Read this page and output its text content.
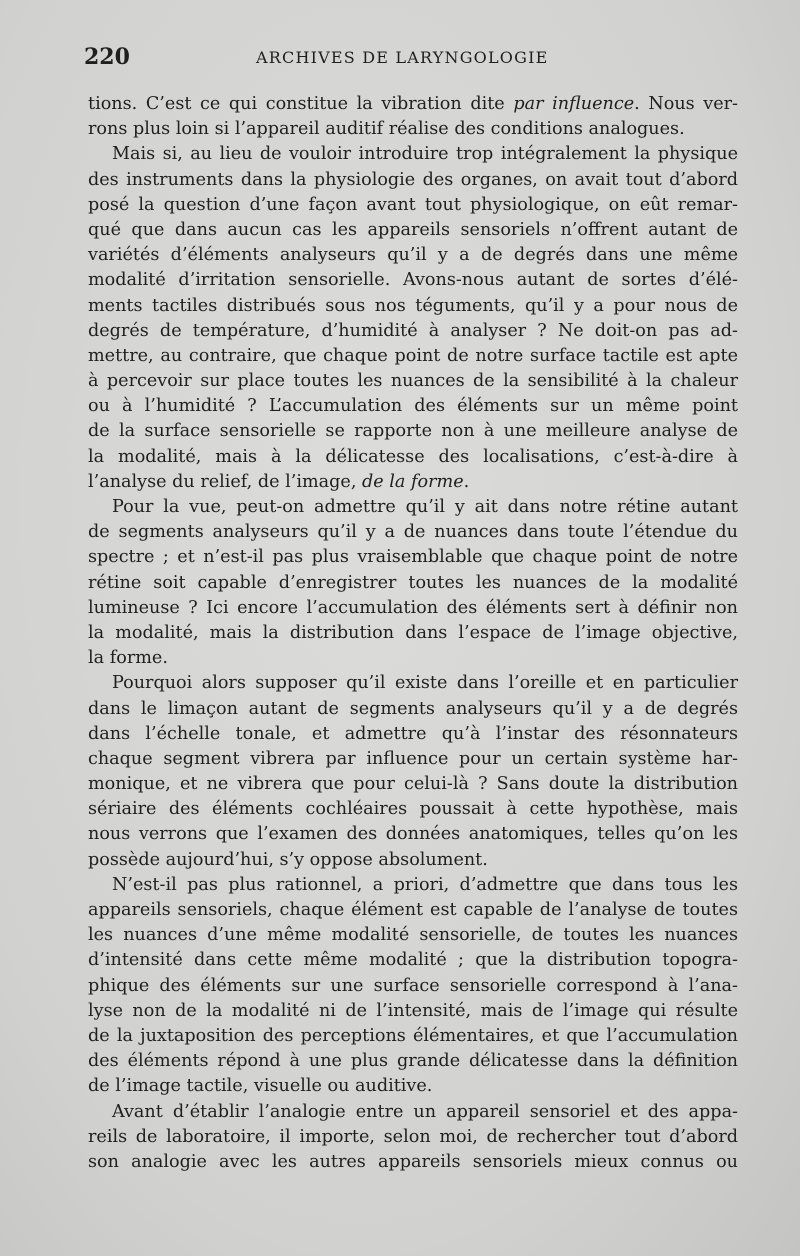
220	ARCHIVES DE LARYNGOLOGIE
tions. C’est ce qui constitue la vibration dite par influence. Nous ver-
rons plus loin si l’appareil auditif réalise des conditions analogues.
Mais si, au lieu de vouloir introduire trop intégralement la physique
des instruments dans la physiologie des organes, on avait tout d’abord
posé la question d’une façon avant tout physiologique, on eût remar-
qué que dans aucun cas les appareils sensoriels n’offrent autant de
variétés d’éléments analyseurs qu’il y a de degrés dans une même
modalité d’irritation sensorielle. Avons-nous autant de sortes d’élé-
ments tactiles distribués sous nos téguments, qu’il y a pour nous de
degrés de température, d’humidité à analyser ? Ne doit-on pas ad-
mettre, au contraire, que chaque point de notre surface tactile est apte
à percevoir sur place toutes les nuances de la sensibilité à la chaleur
ou à l’humidité ? L’accumulation des éléments sur un même point
de la surface sensorielle se rapporte non à une meilleure analyse de
la modalité, mais à la délicatesse des localisations, c’est-à-dire à
l’analyse du relief, de l’image, de la forme.
Pour la vue, peut-on admettre qu’il y ait dans notre rétine autant
de segments analyseurs qu’il y a de nuances dans toute l’étendue du
spectre ; et n’est-il pas plus vraisemblable que chaque point de notre
rétine soit capable d’enregistrer toutes les nuances de la modalité
lumineuse ? Ici encore l’accumulation des éléments sert à définir non
la modalité, mais la distribution dans l’espace de l’image objective,
la forme.
Pourquoi alors supposer qu’il existe dans l’oreille et en particulier
dans le limaçon autant de segments analyseurs qu’il y a de degrés
dans l’échelle tonale, et admettre qu’à l’instar des résonnateurs
chaque segment vibrera par influence pour un certain système har-
monique, et ne vibrera que pour celui-là ? Sans doute la distribution
sériaire des éléments cochléaires poussait à cette hypothèse, mais
nous verrons que l’examen des données anatomiques, telles qu’on les
possède aujourd’hui, s’y oppose absolument.
N’est-il pas plus rationnel, a priori, d’admettre que dans tous les
appareils sensoriels, chaque élément est capable de l’analyse de toutes
les nuances d’une même modalité sensorielle, de toutes les nuances
d’intensité dans cette même modalité ; que la distribution topogra-
phique des éléments sur une surface sensorielle correspond à l’ana-
lyse non de la modalité ni de l’intensité, mais de l’image qui résulte
de la juxtaposition des perceptions élémentaires, et que l’accumulation
des éléments répond à une plus grande délicatesse dans la définition
de l’image tactile, visuelle ou auditive.
Avant d’établir l’analogie entre un appareil sensoriel et des appa-
reils de laboratoire, il importe, selon moi, de rechercher tout d’abord
son analogie avec les autres appareils sensoriels mieux connus ou
